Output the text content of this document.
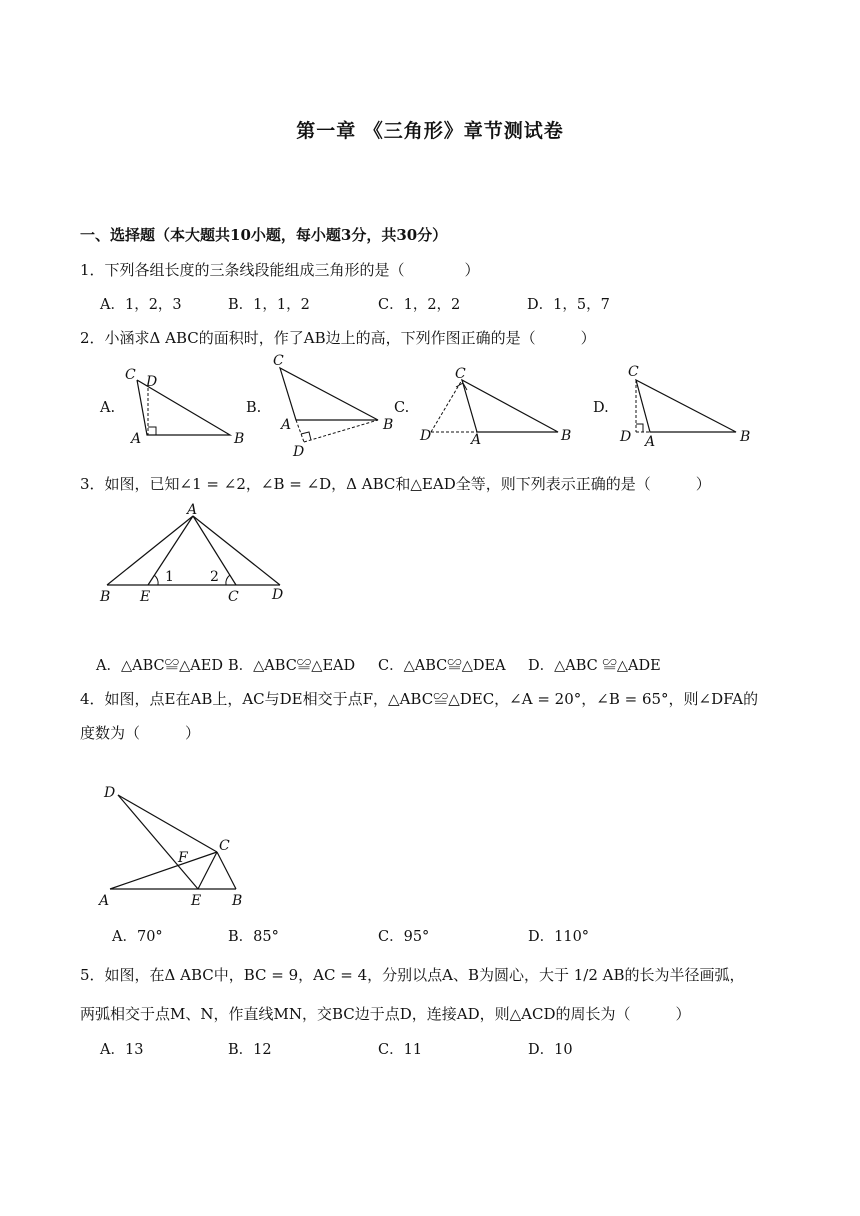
第一章 《三角形》章节测试卷
一、选择题（本大题共10小题，每小题3分，共30分）
1．下列各组长度的三条线段能组成三角形的是（　　　　）
A．1，2，3	B．1，1，2	C．1，2，2	D．1，5，7
2．小涵求Δ ABC的面积时，作了AB边上的高，下列作图正确的是（　　　）
A.	B.	C.	D.
C D
A	B
C
A	B
D
C
D	A	B
C
D A	B
3．如图，已知∠1 = ∠2，∠B = ∠D，Δ ABC和△EAD全等，则下列表示正确的是（　　　）
A
B E	C D
1	2
A．△ABC≌△AED B．△ABC≌△EAD C．△ABC≌△DEA D．△ABC ≌△ADE
4．如图，点E在AB上，AC与DE相交于点F，△ABC≌△DEC，∠A = 20°，∠B = 65°，则∠DFA的
度数为（　　　）
D
C
F
A	E B
A．70°	B．85°	C．95°	D．110°
5．如图，在Δ ABC中，BC = 9，AC = 4，分别以点A、B为圆心，大于 1/2 AB的长为半径画弧，
两弧相交于点M、N，作直线MN，交BC边于点D，连接AD，则△ACD的周长为（　　　）
A．13	B．12	C．11	D．10
